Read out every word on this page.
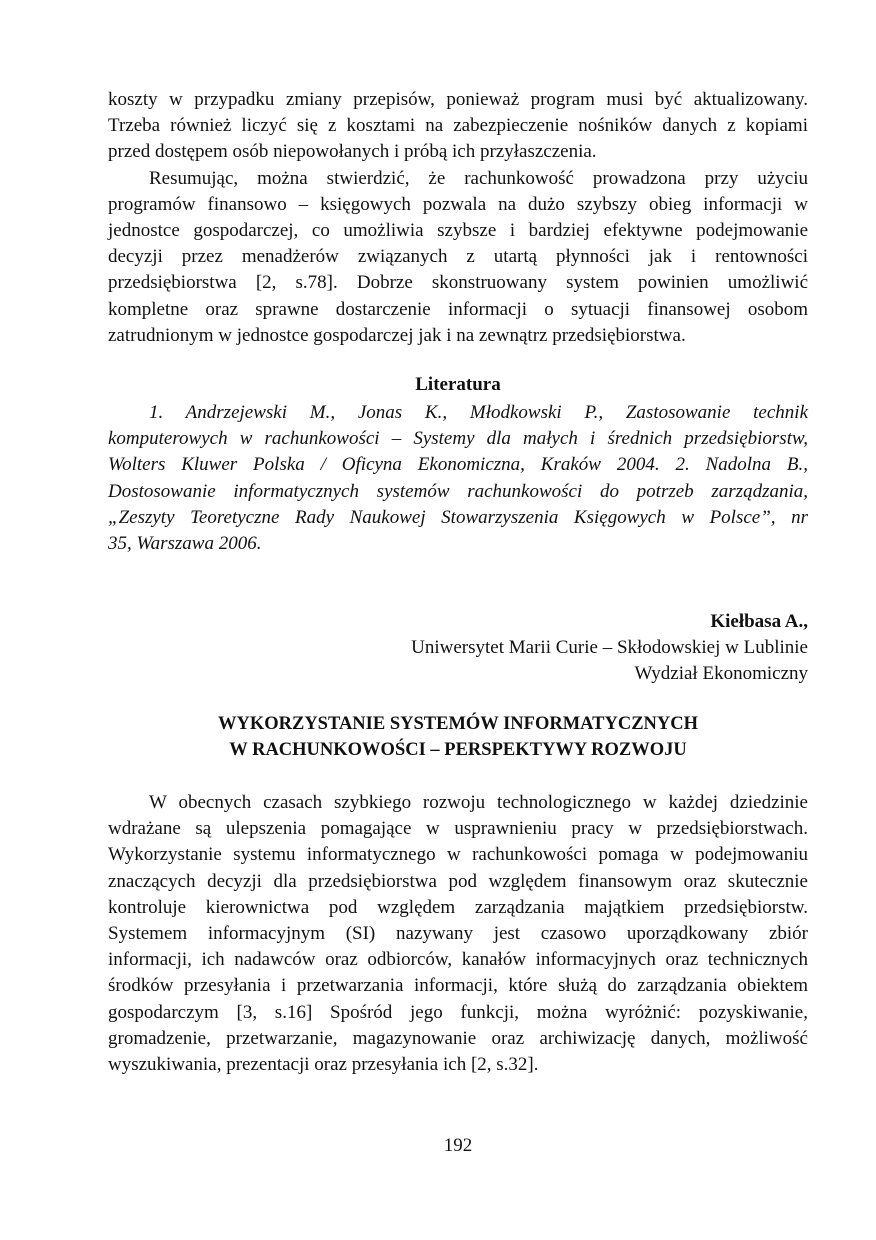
koszty w przypadku zmiany przepisów, ponieważ program musi być aktualizowany.
Trzeba również liczyć się z kosztami na zabezpieczenie nośników danych z kopiami
przed dostępem osób niepowołanych i próbą ich przyłaszczenia.
Resumując, można stwierdzić, że rachunkowość prowadzona przy użyciu
programów finansowo – księgowych pozwala na dużo szybszy obieg informacji w
jednostce gospodarczej, co umożliwia szybsze i bardziej efektywne podejmowanie
decyzji przez menadżerów związanych z utartą płynności jak i rentowności
przedsiębiorstwa [2, s.78]. Dobrze skonstruowany system powinien umożliwić
kompletne oraz sprawne dostarczenie informacji o sytuacji finansowej osobom
zatrudnionym w jednostce gospodarczej jak i na zewnątrz przedsiębiorstwa.
Literatura
1. Andrzejewski M., Jonas K., Młodkowski P., Zastosowanie technik
komputerowych w rachunkowości – Systemy dla małych i średnich przedsiębiorstw,
Wolters Kluwer Polska / Oficyna Ekonomiczna, Kraków 2004. 2. Nadolna B.,
Dostosowanie informatycznych systemów rachunkowości do potrzeb zarządzania,
„Zeszyty Teoretyczne Rady Naukowej Stowarzyszenia Księgowych w Polsce”, nr
35, Warszawa 2006.
Kiełbasa A.,
Uniwersytet Marii Curie – Skłodowskiej w Lublinie
Wydział Ekonomiczny
WYKORZYSTANIE SYSTEMÓW INFORMATYCZNYCH
W RACHUNKOWOŚCI – PERSPEKTYWY ROZWOJU
W obecnych czasach szybkiego rozwoju technologicznego w każdej dziedzinie
wdrażane są ulepszenia pomagające w usprawnieniu pracy w przedsiębiorstwach.
Wykorzystanie systemu informatycznego w rachunkowości pomaga w podejmowaniu
znaczących decyzji dla przedsiębiorstwa pod względem finansowym oraz skutecznie
kontroluje kierownictwa pod względem zarządzania majątkiem przedsiębiorstw.
Systemem informacyjnym (SI) nazywany jest czasowo uporządkowany zbiór
informacji, ich nadawców oraz odbiorców, kanałów informacyjnych oraz technicznych
środków przesyłania i przetwarzania informacji, które służą do zarządzania obiektem
gospodarczym [3, s.16] Spośród jego funkcji, można wyróżnić: pozyskiwanie,
gromadzenie, przetwarzanie, magazynowanie oraz archiwizację danych, możliwość
wyszukiwania, prezentacji oraz przesyłania ich [2, s.32].
192
